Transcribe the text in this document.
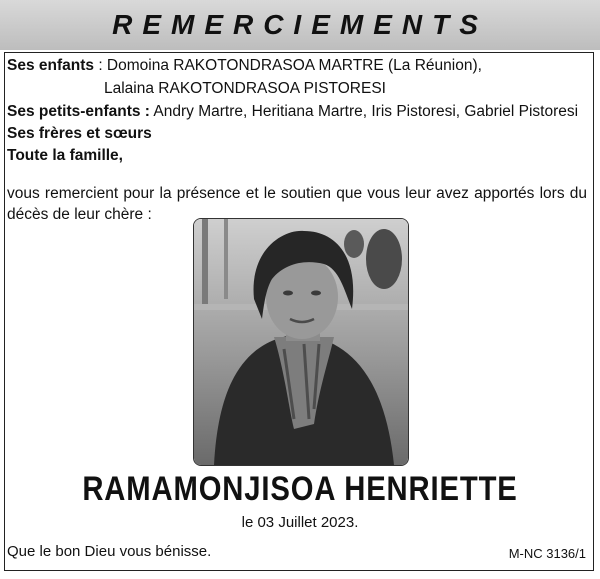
REMERCIEMENTS
Ses enfants : Domoina RAKOTONDRASOA MARTRE (La Réunion),
Lalaina RAKOTONDRASOA PISTORESI
Ses petits-enfants : Andry Martre, Heritiana Martre, Iris Pistoresi, Gabriel Pistoresi
Ses frères et sœurs
Toute la famille,
vous remercient pour la présence et le soutien que vous leur avez apportés lors du décès de leur chère :
RAMAMONJISOA HENRIETTE
le 03 Juillet 2023.
Que le bon Dieu vous bénisse.	M-NC 3136/1
